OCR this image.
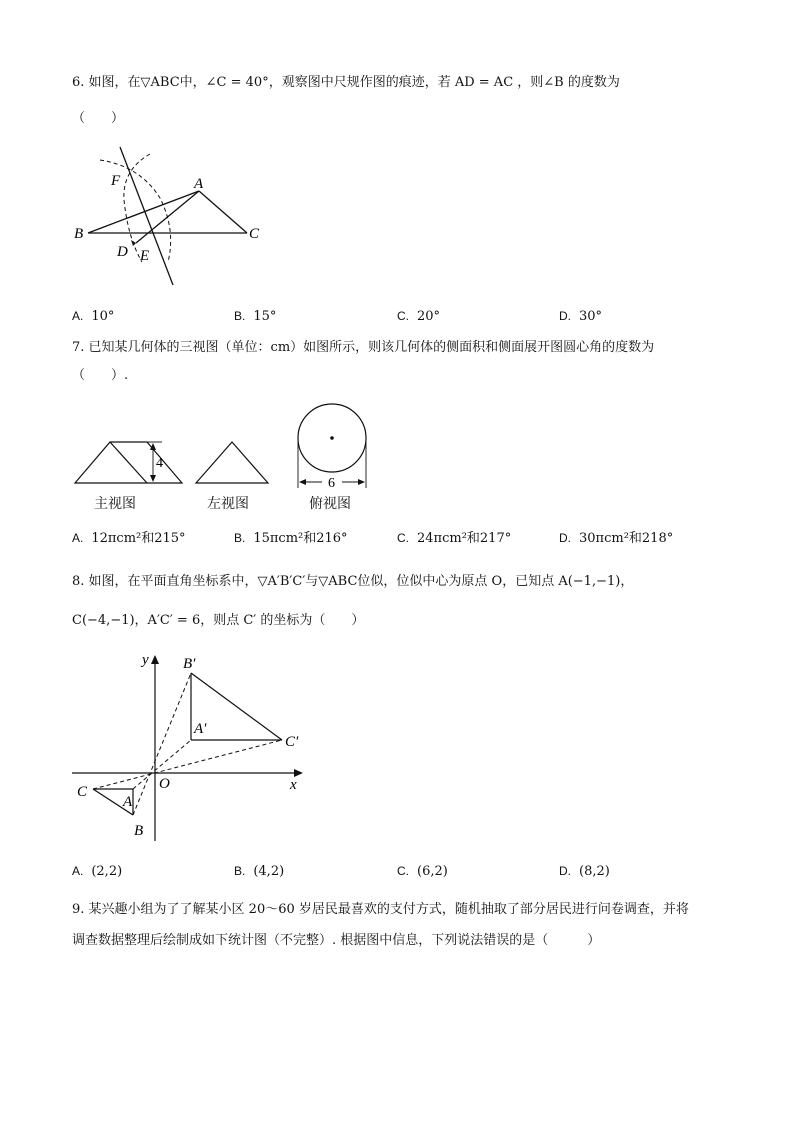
6. 如图，在▽ABC中，∠C = 40°，观察图中尺规作图的痕迹，若 AD = AC ，则∠B 的度数为
（　　）
F	A
B	C
D E
A. 10°	B. 15°	C. 20°	D. 30°
7. 已知某几何体的三视图（单位：cm）如图所示，则该几何体的侧面积和侧面展开图圆心角的度数为
（　　）.
4
6
主视图	左视图	俯视图
A. 12πcm²和215°	B. 15πcm²和216°	C. 24πcm²和217°	D. 30πcm²和218°
8. 如图，在平面直角坐标系中，▽A′B′C′与▽ABC位似，位似中心为原点 O，已知点 A(−1,−1)，
C(−4,−1)，A′C′ = 6，则点 C′ 的坐标为（　　）
y
x
O
B′
A′
C′
C
A
B
A. (2,2)	B. (4,2)	C. (6,2)	D. (8,2)
9. 某兴趣小组为了了解某小区 20～60 岁居民最喜欢的支付方式，随机抽取了部分居民进行问卷调查，并将
调查数据整理后绘制成如下统计图（不完整）. 根据图中信息，下列说法错误的是（　　　）
